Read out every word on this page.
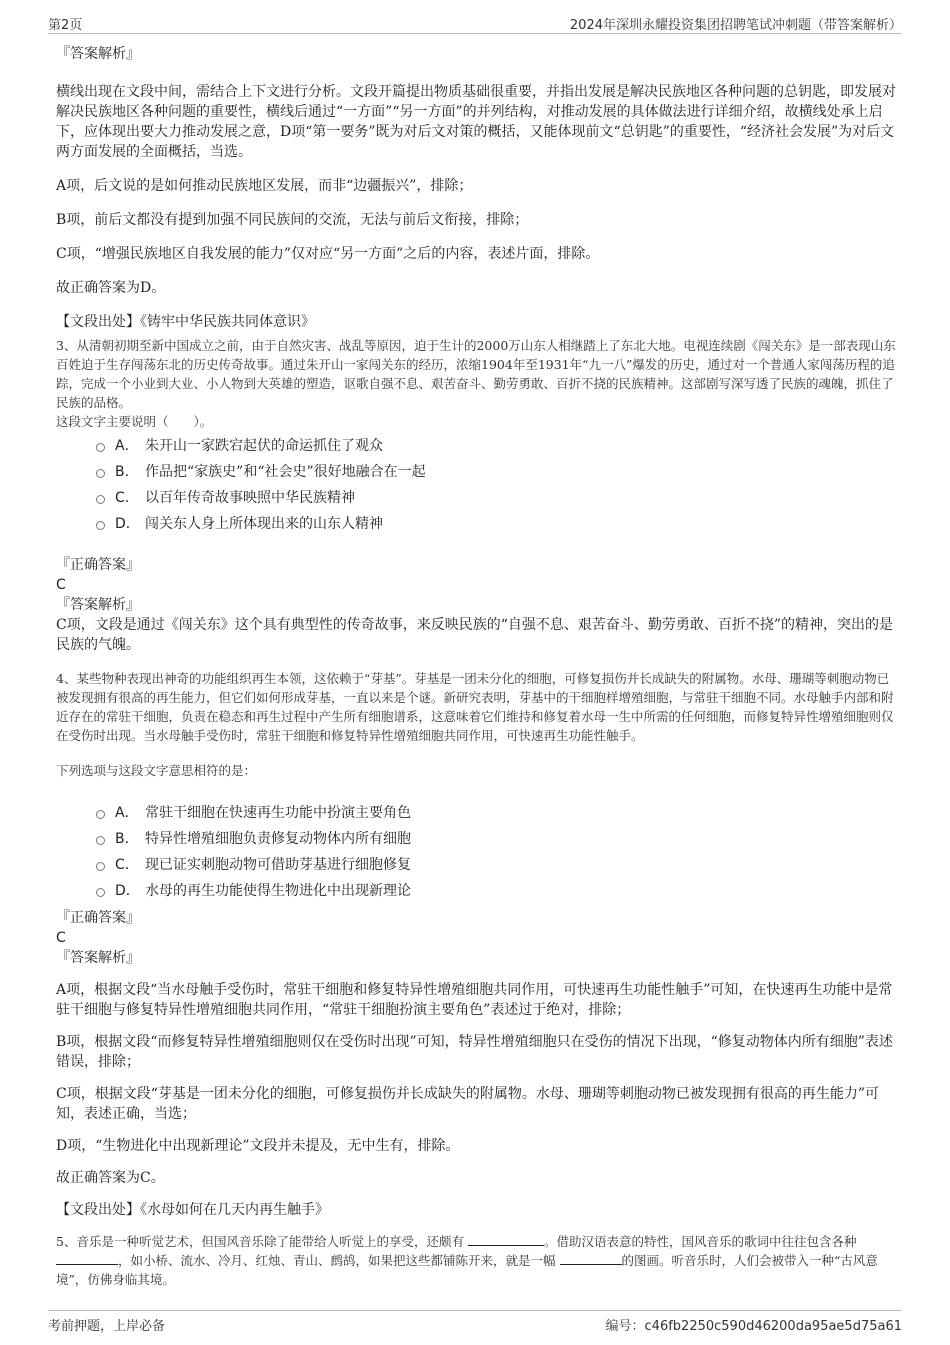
第2页	2024年深圳永耀投资集团招聘笔试冲刺题（带答案解析）
『答案解析』
横线出现在文段中间，需结合上下文进行分析。文段开篇提出物质基础很重要，并指出发展是解决民族地区各种问题的总钥匙，即发展对解决民族地区各种问题的重要性，横线后通过“一方面”“另一方面”的并列结构，对推动发展的具体做法进行详细介绍，故横线处承上启下，应体现出要大力推动发展之意，D项“第一要务”既为对后文对策的概括，又能体现前文“总钥匙”的重要性，“经济社会发展”为对后文两方面发展的全面概括，当选。
A项，后文说的是如何推动民族地区发展，而非“边疆振兴”，排除；
B项，前后文都没有提到加强不同民族间的交流，无法与前后文衔接，排除；
C项，“增强民族地区自我发展的能力”仅对应“另一方面”之后的内容，表述片面，排除。
故正确答案为D。
【文段出处】《铸牢中华民族共同体意识》
3、从清朝初期至新中国成立之前，由于自然灾害、战乱等原因，迫于生计的2000万山东人相继踏上了东北大地。电视连续剧《闯关东》是一部表现山东百姓迫于生存闯荡东北的历史传奇故事。通过朱开山一家闯关东的经历，浓缩1904年至1931年“九一八”爆发的历史，通过对一个普通人家闯荡历程的追踪，完成一个小业到大业、小人物到大英雄的塑造，讴歌自强不息、艰苦奋斗、勤劳勇敢、百折不挠的民族精神。这部剧写深写透了民族的魂魄，抓住了民族的品格。
这段文字主要说明（　　）。
A． 朱开山一家跌宕起伏的命运抓住了观众
B． 作品把“家族史”和“社会史”很好地融合在一起
C． 以百年传奇故事映照中华民族精神
D． 闯关东人身上所体现出来的山东人精神
『正确答案』
C
『答案解析』
C项，文段是通过《闯关东》这个具有典型性的传奇故事，来反映民族的“自强不息、艰苦奋斗、勤劳勇敢、百折不挠”的精神，突出的是民族的气魄。
4、某些物种表现出神奇的功能组织再生本领，这依赖于“芽基”。芽基是一团未分化的细胞，可修复损伤并长成缺失的附属物。水母、珊瑚等刺胞动物已被发现拥有很高的再生能力，但它们如何形成芽基，一直以来是个谜。新研究表明，芽基中的干细胞样增殖细胞，与常驻干细胞不同。水母触手内部和附近存在的常驻干细胞，负责在稳态和再生过程中产生所有细胞谱系，这意味着它们维持和修复着水母一生中所需的任何细胞，而修复特异性增殖细胞则仅在受伤时出现。当水母触手受伤时，常驻干细胞和修复特异性增殖细胞共同作用，可快速再生功能性触手。
下列选项与这段文字意思相符的是：
A． 常驻干细胞在快速再生功能中扮演主要角色
B． 特异性增殖细胞负责修复动物体内所有细胞
C． 现已证实刺胞动物可借助芽基进行细胞修复
D． 水母的再生功能使得生物进化中出现新理论
『正确答案』
C
『答案解析』
A项，根据文段“当水母触手受伤时，常驻干细胞和修复特异性增殖细胞共同作用，可快速再生功能性触手”可知，在快速再生功能中是常驻干细胞与修复特异性增殖细胞共同作用，“常驻干细胞扮演主要角色”表述过于绝对，排除；
B项，根据文段“而修复特异性增殖细胞则仅在受伤时出现”可知，特异性增殖细胞只在受伤的情况下出现，“修复动物体内所有细胞”表述错误，排除；
C项，根据文段“芽基是一团未分化的细胞，可修复损伤并长成缺失的附属物。水母、珊瑚等刺胞动物已被发现拥有很高的再生能力”可知，表述正确，当选；
D项，“生物进化中出现新理论”文段并未提及，无中生有，排除。
故正确答案为C。
【文段出处】《水母如何在几天内再生触手》
5、音乐是一种听觉艺术，但国风音乐除了能带给人听觉上的享受，还颇有	。借助汉语表意的特性，国风音乐的歌词中往往包含各种 ，如小桥、流水、冷月、红烛、青山、鹧鸪，如果把这些都铺陈开来，就是一幅	的图画。听音乐时，人们会被带入一种“古风意境”，仿佛身临其境。
考前押题，上岸必备	编号：c46fb2250c590d46200da95ae5d75a61
